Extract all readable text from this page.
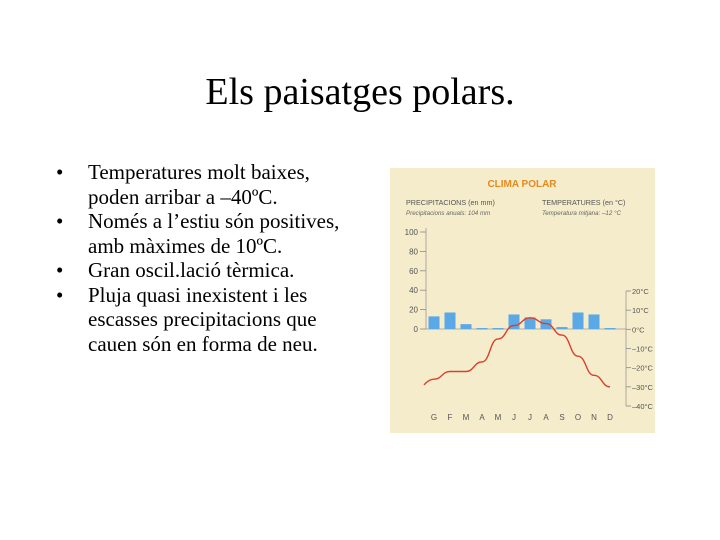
Els paisatges polars.
• Temperatures molt baixes, poden arribar a –40ºC.
• Només a l’estiu són positives, amb màximes de 10ºC.
• Gran oscil.lació tèrmica.
• Pluja quasi inexistent i les escasses precipitacions que cauen són en forma de neu.
CLIMA POLAR
PRECIPITACIONS (en mm)
Precipitacions anuals: 104 mm
TEMPERATURES (en °C)
Temperatura mitjana: –12 °C
100
80
60
40
20
0
20°C
10°C
0°C
–10°C
–20°C
–30°C
–40°C
G F M A M J J A S O N D
